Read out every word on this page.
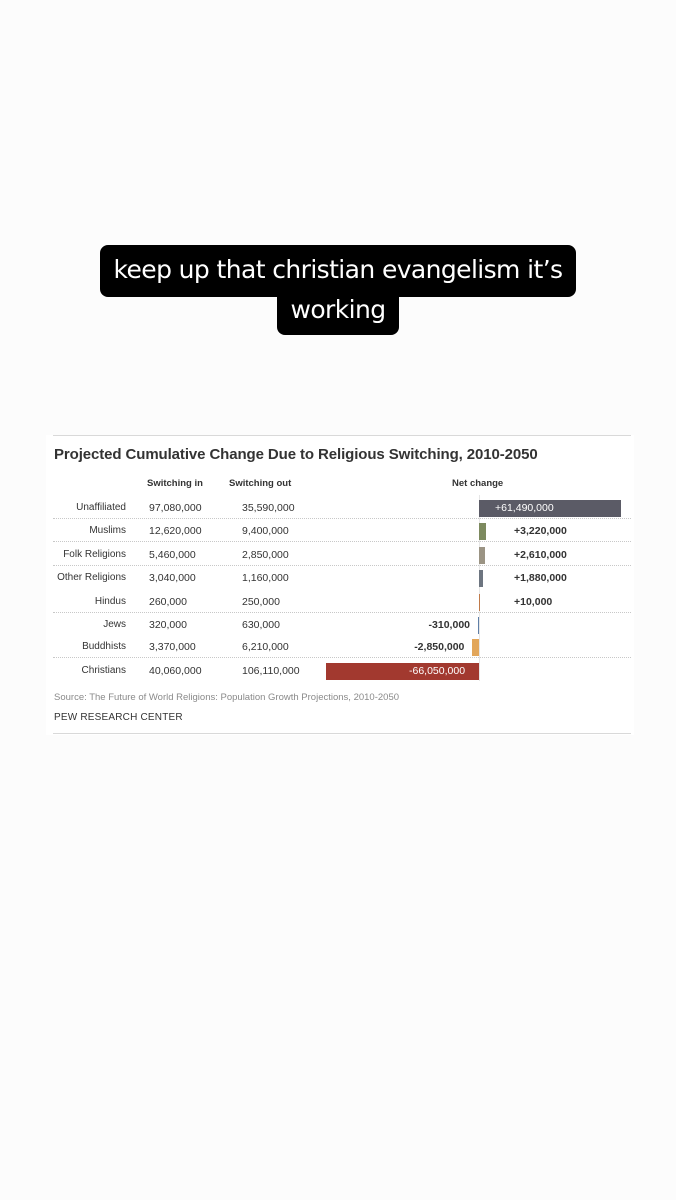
keep up that christian evangelism it’s
working
Projected Cumulative Change Due to Religious Switching, 2010-2050
Switching in	Switching out	Net change
Unaffiliated 97,080,000	35,590,000	+61,490,000
Muslims 12,620,000	9,400,000	+3,220,000
Folk Religions 5,460,000	2,850,000	+2,610,000
Other Religions 3,040,000	1,160,000	+1,880,000
Hindus 260,000	250,000	+10,000
Jews 320,000	630,000	-310,000
Buddhists 3,370,000	6,210,000	-2,850,000
Christians 40,060,000	106,110,000	-66,050,000
Source: The Future of World Religions: Population Growth Projections, 2010-2050
PEW RESEARCH CENTER
